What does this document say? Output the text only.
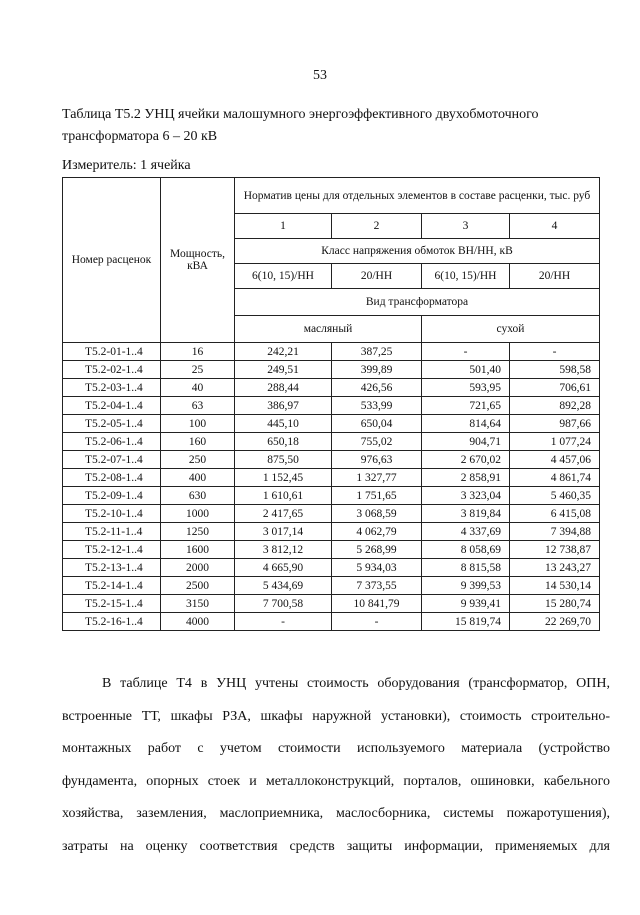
53
Таблица Т5.2 УНЦ ячейки малошумного энергоэффективного двухобмоточного трансформатора 6 – 20 кВ
Измеритель: 1 ячейка
Номер расценок	Мощность, кВА	Норматив цены для отдельных элементов в составе расценки, тыс. руб			
		1	2	3	4
		Класс напряжения обмоток ВН/НН, кВ			
		6(10, 15)/НН	20/НН	6(10, 15)/НН	20/НН
		Вид трансформатора			
		масляный		сухой	
Т5.2-01-1..4	16	242,21	387,25	-	-
Т5.2-02-1..4	25	249,51	399,89	501,40	598,58
Т5.2-03-1..4	40	288,44	426,56	593,95	706,61
Т5.2-04-1..4	63	386,97	533,99	721,65	892,28
Т5.2-05-1..4	100	445,10	650,04	814,64	987,66
Т5.2-06-1..4	160	650,18	755,02	904,71	1 077,24
Т5.2-07-1..4	250	875,50	976,63	2 670,02	4 457,06
Т5.2-08-1..4	400	1 152,45	1 327,77	2 858,91	4 861,74
Т5.2-09-1..4	630	1 610,61	1 751,65	3 323,04	5 460,35
Т5.2-10-1..4	1000	2 417,65	3 068,59	3 819,84	6 415,08
Т5.2-11-1..4	1250	3 017,14	4 062,79	4 337,69	7 394,88
Т5.2-12-1..4	1600	3 812,12	5 268,99	8 058,69	12 738,87
Т5.2-13-1..4	2000	4 665,90	5 934,03	8 815,58	13 243,27
Т5.2-14-1..4	2500	5 434,69	7 373,55	9 399,53	14 530,14
Т5.2-15-1..4	3150	7 700,58	10 841,79	9 939,41	15 280,74
Т5.2-16-1..4	4000	-	-	15 819,74	22 269,70
В таблице Т4 в УНЦ учтены стоимость оборудования (трансформатор, ОПН,
встроенные ТТ, шкафы РЗА, шкафы наружной установки), стоимость строительно-
монтажных работ с учетом стоимости используемого материала (устройство
фундамента, опорных стоек и металлоконструкций, порталов, ошиновки, кабельного
хозяйства, заземления, маслоприемника, маслосборника, системы пожаротушения),
затраты на оценку соответствия средств защиты информации, применяемых для
